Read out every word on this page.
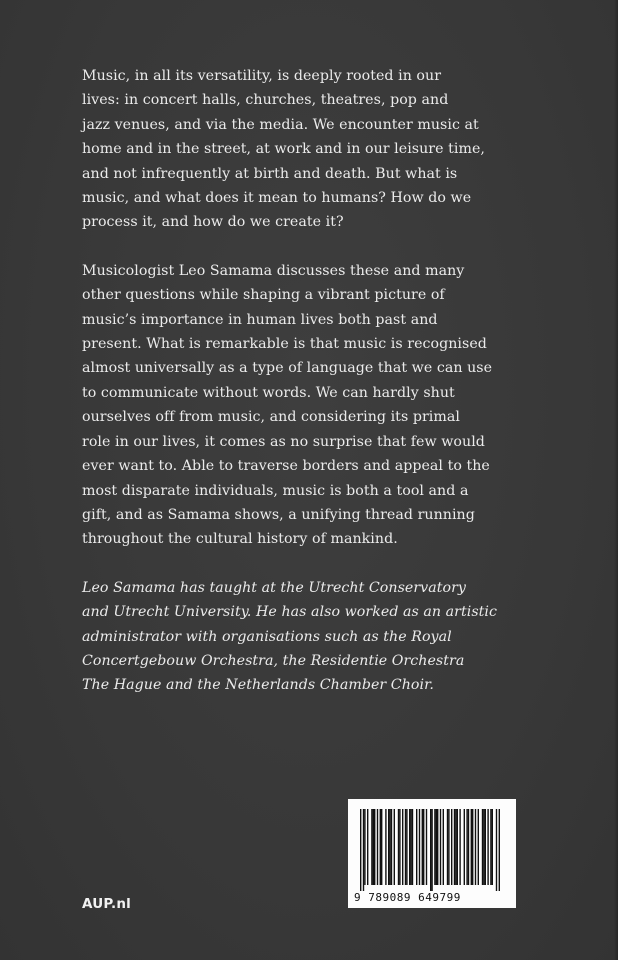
Music, in all its versatility, is deeply rooted in our
lives: in concert halls, churches, theatres, pop and
jazz venues, and via the media. We encounter music at
home and in the street, at work and in our leisure time,
and not infrequently at birth and death. But what is
music, and what does it mean to humans? How do we
process it, and how do we create it?

Musicologist Leo Samama discusses these and many
other questions while shaping a vibrant picture of
music’s importance in human lives both past and
present. What is remarkable is that music is recognised
almost universally as a type of language that we can use
to communicate without words. We can hardly shut
ourselves off from music, and considering its primal
role in our lives, it comes as no surprise that few would
ever want to. Able to traverse borders and appeal to the
most disparate individuals, music is both a tool and a
gift, and as Samama shows, a unifying thread running
throughout the cultural history of mankind.

Leo Samama has taught at the Utrecht Conservatory
and Utrecht University. He has also worked as an artistic
administrator with organisations such as the Royal
Concertgebouw Orchestra, the Residentie Orchestra
The Hague and the Netherlands Chamber Choir.

AUP.nl	9 789089 649799
